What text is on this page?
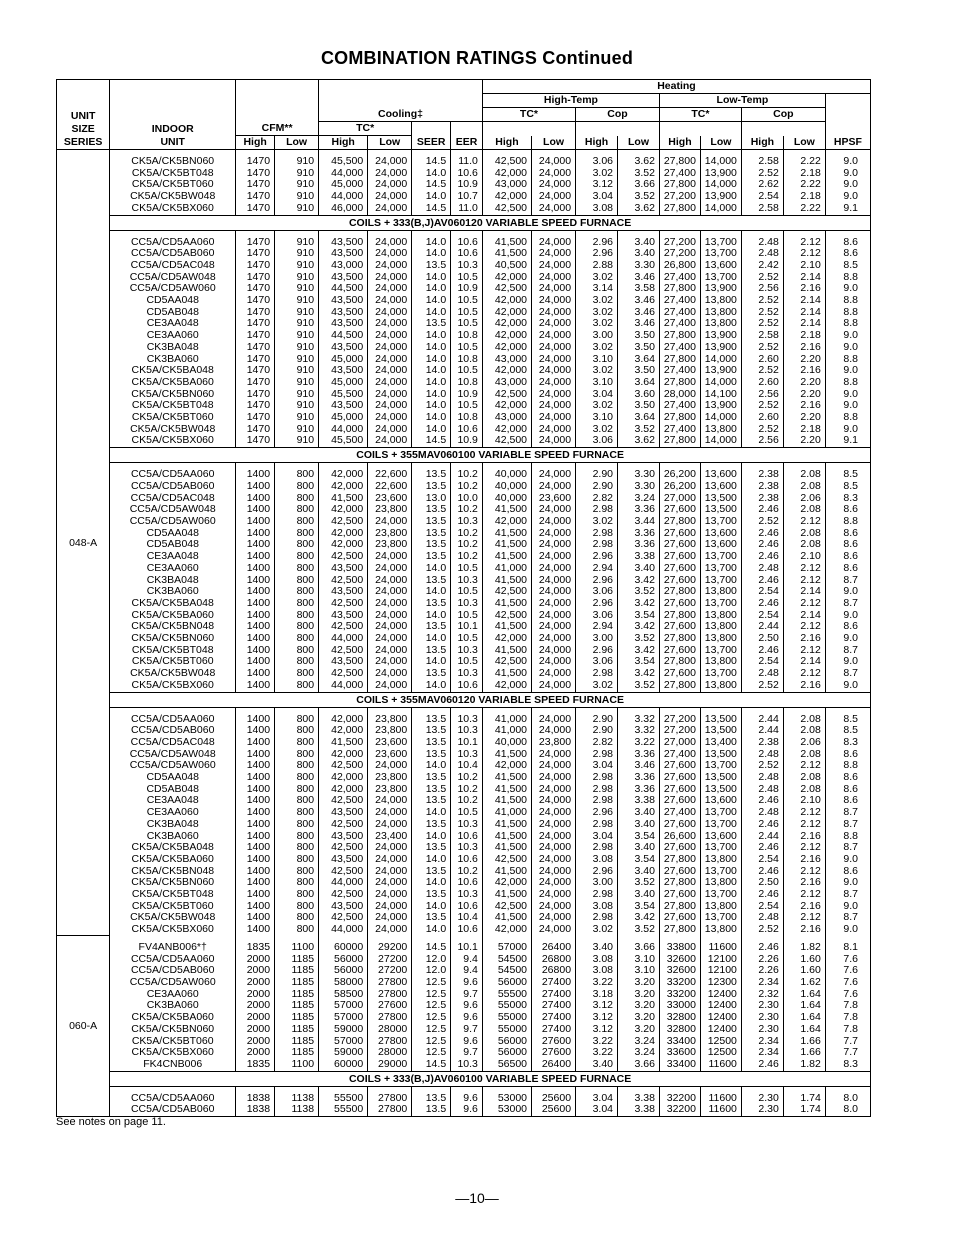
COMBINATION RATINGS Continued
UNIT
SIZE
SERIES	INDOOR
UNIT							Heating								
								High-Temp				Low-Temp				
		CFM**		Cooling‡				TC*		Cop		TC*		Cop		HPSF
				TC*		SEER	EER									
		High	Low	High	Low			High	Low	High	Low	High	Low	High	Low	
048-A																
	CK5A/CK5BN060	1470	910	45,500	24,000	14.5	11.0	42,500	24,000	3.06	3.62	27,800	14,000	2.58	2.22	9.0
	CK5A/CK5BT048	1470	910	44,000	24,000	14.0	10.6	42,000	24,000	3.02	3.52	27,400	13,900	2.52	2.18	9.0
	CK5A/CK5BT060	1470	910	45,000	24,000	14.5	10.9	43,000	24,000	3.12	3.66	27,800	14,000	2.62	2.22	9.0
	CK5A/CK5BW048	1470	910	44,000	24,000	14.0	10.7	42,000	24,000	3.04	3.52	27,200	13,900	2.54	2.18	9.0
	CK5A/CK5BX060	1470	910	46,000	24,000	14.5	11.0	42,500	24,000	3.08	3.62	27,800	14,000	2.58	2.22	9.1
	COILS + 333(B,J)AV060120 VARIABLE SPEED FURNACE															

	CC5A/CD5AA060	1470	910	43,500	24,000	14.0	10.6	41,500	24,000	2.96	3.40	27,200	13,700	2.48	2.12	8.6
	CC5A/CD5AB060	1470	910	43,500	24,000	14.0	10.6	41,500	24,000	2.96	3.40	27,200	13,700	2.48	2.12	8.6
	CC5A/CD5AC048	1470	910	43,000	24,000	13.5	10.3	40,500	24,000	2.88	3.30	26,800	13,600	2.42	2.10	8.5
	CC5A/CD5AW048	1470	910	43,500	24,000	14.0	10.5	42,000	24,000	3.02	3.46	27,400	13,700	2.52	2.14	8.8
	CC5A/CD5AW060	1470	910	44,500	24,000	14.0	10.9	42,500	24,000	3.14	3.58	27,800	13,900	2.56	2.16	9.0
	CD5AA048	1470	910	43,500	24,000	14.0	10.5	42,000	24,000	3.02	3.46	27,400	13,800	2.52	2.14	8.8
	CD5AB048	1470	910	43,500	24,000	14.0	10.5	42,000	24,000	3.02	3.46	27,400	13,800	2.52	2.14	8.8
	CE3AA048	1470	910	43,500	24,000	13.5	10.5	42,000	24,000	3.02	3.46	27,400	13,800	2.52	2.14	8.8
	CE3AA060	1470	910	44,500	24,000	14.0	10.8	42,000	24,000	3.00	3.50	27,800	13,900	2.58	2.18	9.0
	CK3BA048	1470	910	43,500	24,000	14.0	10.5	42,000	24,000	3.02	3.50	27,400	13,900	2.52	2.16	9.0
	CK3BA060	1470	910	45,000	24,000	14.0	10.8	43,000	24,000	3.10	3.64	27,800	14,000	2.60	2.20	8.8
	CK5A/CK5BA048	1470	910	43,500	24,000	14.0	10.5	42,000	24,000	3.02	3.50	27,400	13,900	2.52	2.16	9.0
	CK5A/CK5BA060	1470	910	45,000	24,000	14.0	10.8	43,000	24,000	3.10	3.64	27,800	14,000	2.60	2.20	8.8
	CK5A/CK5BN060	1470	910	45,500	24,000	14.0	10.9	42,500	24,000	3.04	3.60	28,000	14,100	2.56	2.20	9.0
	CK5A/CK5BT048	1470	910	43,500	24,000	14.0	10.5	42,000	24,000	3.02	3.50	27,400	13,900	2.52	2.16	9.0
	CK5A/CK5BT060	1470	910	45,000	24,000	14.0	10.8	43,000	24,000	3.10	3.64	27,800	14,000	2.60	2.20	8.8
	CK5A/CK5BW048	1470	910	44,000	24,000	14.0	10.6	42,000	24,000	3.02	3.52	27,400	13,800	2.52	2.18	9.0
	CK5A/CK5BX060	1470	910	45,500	24,000	14.5	10.9	42,500	24,000	3.06	3.62	27,800	14,000	2.56	2.20	9.1
	COILS + 355MAV060100 VARIABLE SPEED FURNACE															

	CC5A/CD5AA060	1400	800	42,000	22,600	13.5	10.2	40,000	24,000	2.90	3.30	26,200	13,600	2.38	2.08	8.5
	CC5A/CD5AB060	1400	800	42,000	22,600	13.5	10.2	40,000	24,000	2.90	3.30	26,200	13,600	2.38	2.08	8.5
	CC5A/CD5AC048	1400	800	41,500	23,600	13.0	10.0	40,000	23,600	2.82	3.24	27,000	13,500	2.38	2.06	8.3
	CC5A/CD5AW048	1400	800	42,000	23,800	13.5	10.2	41,500	24,000	2.98	3.36	27,600	13,500	2.46	2.08	8.6
	CC5A/CD5AW060	1400	800	42,500	24,000	13.5	10.3	42,000	24,000	3.02	3.44	27,800	13,700	2.52	2.12	8.8
	CD5AA048	1400	800	42,000	23,800	13.5	10.2	41,500	24,000	2.98	3.36	27,600	13,600	2.46	2.08	8.6
	CD5AB048	1400	800	42,000	23,800	13.5	10.2	41,500	24,000	2.98	3.36	27,600	13,600	2.46	2.08	8.6
	CE3AA048	1400	800	42,500	24,000	13.5	10.2	41,500	24,000	2.96	3.38	27,600	13,700	2.46	2.10	8.6
	CE3AA060	1400	800	43,500	24,000	14.0	10.5	41,000	24,000	2.94	3.40	27,600	13,700	2.48	2.12	8.6
	CK3BA048	1400	800	42,500	24,000	13.5	10.3	41,500	24,000	2.96	3.42	27,600	13,700	2.46	2.12	8.7
	CK3BA060	1400	800	43,500	24,000	14.0	10.5	42,500	24,000	3.06	3.52	27,800	13,800	2.54	2.14	9.0
	CK5A/CK5BA048	1400	800	42,500	24,000	13.5	10.3	41,500	24,000	2.96	3.42	27,600	13,700	2.46	2.12	8.7
	CK5A/CK5BA060	1400	800	43,500	24,000	14.0	10.5	42,500	24,000	3.06	3.54	27,800	13,800	2.54	2.14	9.0
	CK5A/CK5BN048	1400	800	42,500	24,000	13.5	10.1	41,500	24,000	2.94	3.42	27,600	13,800	2.44	2.12	8.6
	CK5A/CK5BN060	1400	800	44,000	24,000	14.0	10.5	42,000	24,000	3.00	3.52	27,800	13,800	2.50	2.16	9.0
	CK5A/CK5BT048	1400	800	42,500	24,000	13.5	10.3	41,500	24,000	2.96	3.42	27,600	13,700	2.46	2.12	8.7
	CK5A/CK5BT060	1400	800	43,500	24,000	14.0	10.5	42,500	24,000	3.06	3.54	27,800	13,800	2.54	2.14	9.0
	CK5A/CK5BW048	1400	800	42,500	24,000	13.5	10.3	41,500	24,000	2.98	3.42	27,600	13,700	2.48	2.12	8.7
	CK5A/CK5BX060	1400	800	44,000	24,000	14.0	10.6	42,000	24,000	3.02	3.52	27,800	13,800	2.52	2.16	9.0
	COILS + 355MAV060120 VARIABLE SPEED FURNACE															

	CC5A/CD5AA060	1400	800	42,000	23,800	13.5	10.3	41,000	24,000	2.90	3.32	27,200	13,500	2.44	2.08	8.5
	CC5A/CD5AB060	1400	800	42,000	23,800	13.5	10.3	41,000	24,000	2.90	3.32	27,200	13,500	2.44	2.08	8.5
	CC5A/CD5AC048	1400	800	41,500	23,600	13.5	10.1	40,000	23,800	2.82	3.22	27,000	13,400	2.38	2.06	8.3
	CC5A/CD5AW048	1400	800	42,000	23,600	13.5	10.3	41,500	24,000	2.98	3.36	27,400	13,500	2.48	2.08	8.6
	CC5A/CD5AW060	1400	800	42,500	24,000	14.0	10.4	42,000	24,000	3.04	3.46	27,600	13,700	2.52	2.12	8.8
	CD5AA048	1400	800	42,000	23,800	13.5	10.2	41,500	24,000	2.98	3.36	27,600	13,500	2.48	2.08	8.6
	CD5AB048	1400	800	42,000	23,800	13.5	10.2	41,500	24,000	2.98	3.36	27,600	13,500	2.48	2.08	8.6
	CE3AA048	1400	800	42,500	24,000	13.5	10.2	41,500	24,000	2.98	3.38	27,600	13,600	2.46	2.10	8.6
	CE3AA060	1400	800	43,500	24,000	14.0	10.5	41,000	24,000	2.96	3.40	27,400	13,700	2.48	2.12	8.7
	CK3BA048	1400	800	42,500	24,000	13.5	10.3	41,500	24,000	2.98	3.40	27,600	13,700	2.46	2.12	8.7
	CK3BA060	1400	800	43,500	23,400	14.0	10.6	41,500	24,000	3.04	3.54	26,600	13,600	2.44	2.16	8.8
	CK5A/CK5BA048	1400	800	42,500	24,000	13.5	10.3	41,500	24,000	2.98	3.40	27,600	13,700	2.46	2.12	8.7
	CK5A/CK5BA060	1400	800	43,500	24,000	14.0	10.6	42,500	24,000	3.08	3.54	27,800	13,800	2.54	2.16	9.0
	CK5A/CK5BN048	1400	800	42,500	24,000	13.5	10.2	41,500	24,000	2.96	3.40	27,600	13,700	2.46	2.12	8.6
	CK5A/CK5BN060	1400	800	44,000	24,000	14.0	10.6	42,000	24,000	3.00	3.52	27,800	13,800	2.50	2.16	9.0
	CK5A/CK5BT048	1400	800	42,500	24,000	13.5	10.3	41,500	24,000	2.98	3.40	27,600	13,700	2.46	2.12	8.7
	CK5A/CK5BT060	1400	800	43,500	24,000	14.0	10.6	42,500	24,000	3.08	3.54	27,800	13,800	2.54	2.16	9.0
	CK5A/CK5BW048	1400	800	42,500	24,000	13.5	10.4	41,500	24,000	2.98	3.42	27,600	13,700	2.48	2.12	8.7
	CK5A/CK5BX060	1400	800	44,000	24,000	14.0	10.6	42,000	24,000	3.02	3.52	27,800	13,800	2.52	2.16	9.0
060-A																
	FV4ANB006*†	1835	1100	60000	29200	14.5	10.1	57000	26400	3.40	3.66	33800	11600	2.46	1.82	8.1
	CC5A/CD5AA060	2000	1185	56000	27200	12.0	9.4	54500	26800	3.08	3.10	32600	12100	2.26	1.60	7.6
	CC5A/CD5AB060	2000	1185	56000	27200	12.0	9.4	54500	26800	3.08	3.10	32600	12100	2.26	1.60	7.6
	CC5A/CD5AW060	2000	1185	58000	27800	12.5	9.6	56000	27400	3.22	3.20	33200	12300	2.34	1.62	7.6
	CE3AA060	2000	1185	58500	27800	12.5	9.7	55500	27400	3.18	3.20	33200	12400	2.32	1.64	7.6
	CK3BA060	2000	1185	57000	27600	12.5	9.6	55000	27400	3.12	3.20	33000	12400	2.30	1.64	7.8
	CK5A/CK5BA060	2000	1185	57000	27800	12.5	9.6	55000	27400	3.12	3.20	32800	12400	2.30	1.64	7.8
	CK5A/CK5BN060	2000	1185	59000	28000	12.5	9.7	55000	27400	3.12	3.20	32800	12400	2.30	1.64	7.8
	CK5A/CK5BT060	2000	1185	57000	27800	12.5	9.6	56000	27600	3.22	3.24	33400	12500	2.34	1.66	7.7
	CK5A/CK5BX060	2000	1185	59000	28000	12.5	9.7	56000	27600	3.22	3.24	33600	12500	2.34	1.66	7.7
	FK4CNB006	1835	1100	60000	29000	14.5	10.3	56500	26400	3.40	3.66	33400	11600	2.46	1.82	8.3
	COILS + 333(B,J)AV060100 VARIABLE SPEED FURNACE															

	CC5A/CD5AA060	1838	1138	55500	27800	13.5	9.6	53000	25600	3.04	3.38	32200	11600	2.30	1.74	8.0
	CC5A/CD5AB060	1838	1138	55500	27800	13.5	9.6	53000	25600	3.04	3.38	32200	11600	2.30	1.74	8.0
See notes on page 11.
—10—
